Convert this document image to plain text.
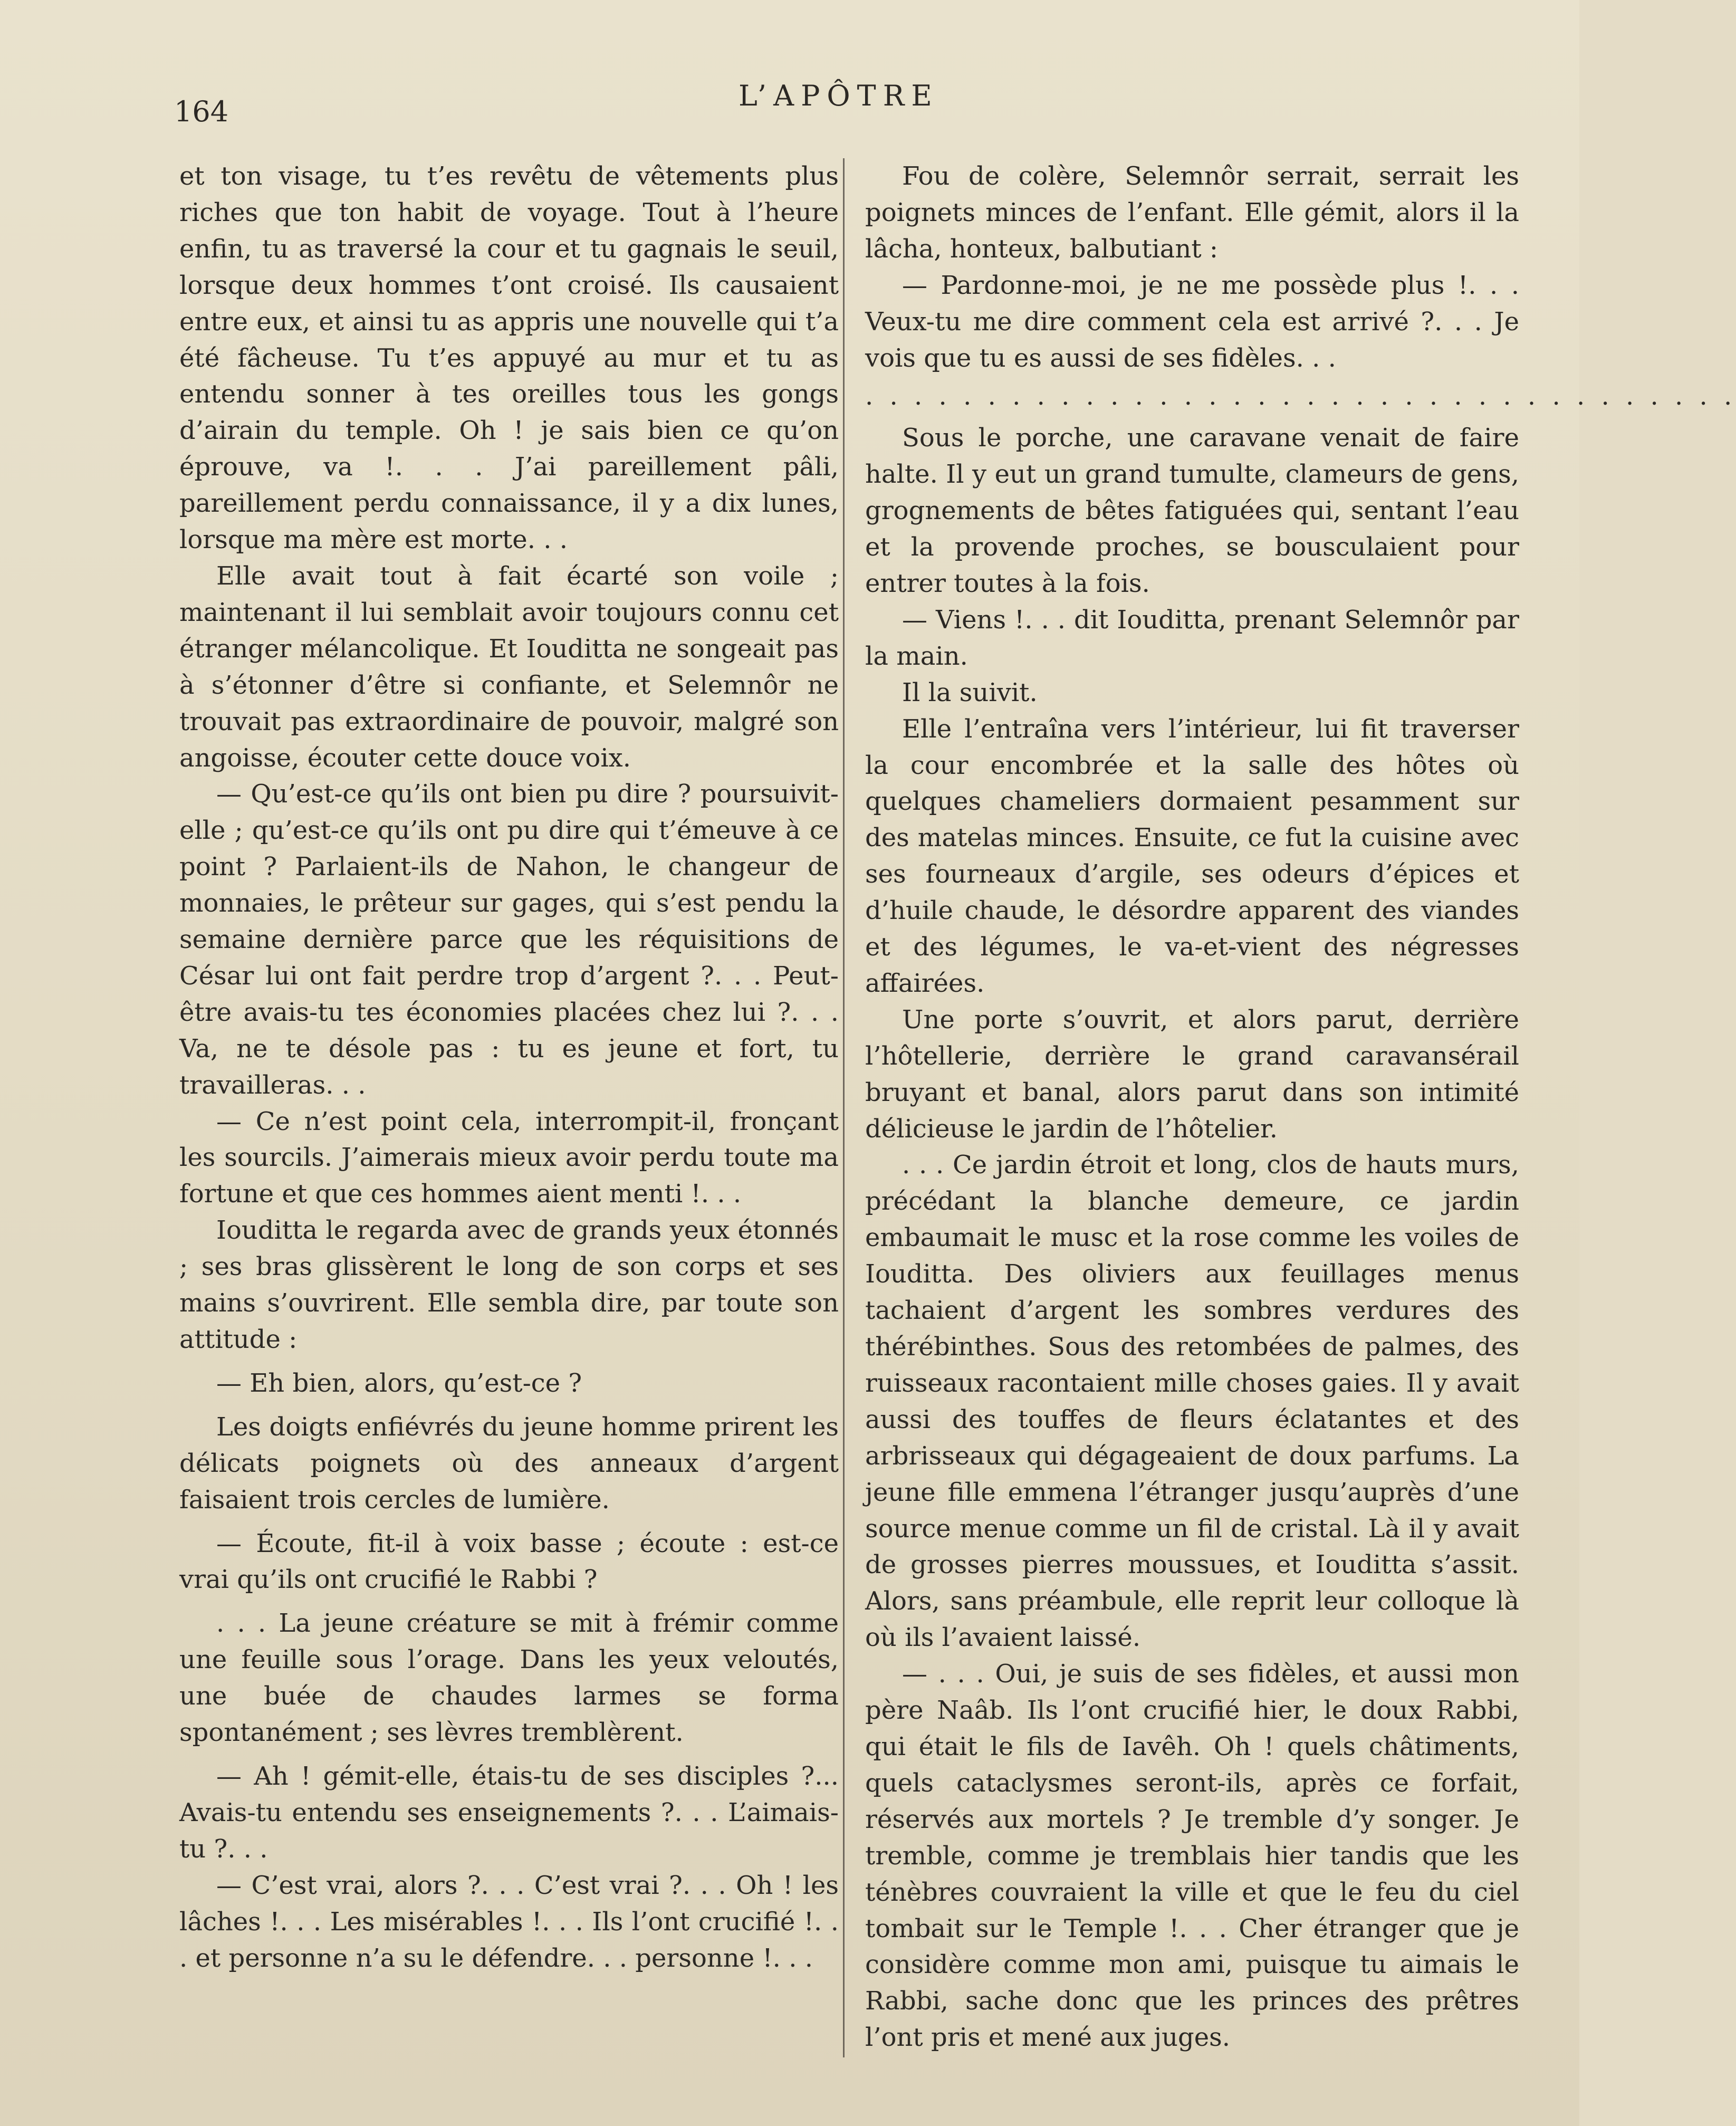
164	L’APÔTRE

et ton visage, tu t’es revêtu de vêtements plus riches que ton habit de voyage. Tout à l’heure enfin, tu as traversé la cour et tu gagnais le seuil, lorsque deux hommes t’ont croisé. Ils causaient entre eux, et ainsi tu as appris une nouvelle qui t’a été fâcheuse. Tu t’es appuyé au mur et tu as entendu sonner à tes oreilles tous les gongs d’airain du temple. Oh ! je sais bien ce qu’on éprouve, va !. . . J’ai pareillement pâli, pareillement perdu connaissance, il y a dix lunes, lorsque ma mère est morte. . .

Elle avait tout à fait écarté son voile ; maintenant il lui semblait avoir toujours connu cet étranger mélancolique. Et Iouditta ne songeait pas à s’étonner d’être si confiante, et Selemnôr ne trouvait pas extraordinaire de pouvoir, malgré son angoisse, écouter cette douce voix.

— Qu’est-ce qu’ils ont bien pu dire ? poursuivit-elle ; qu’est-ce qu’ils ont pu dire qui t’émeuve à ce point ? Parlaient-ils de Nahon, le changeur de monnaies, le prêteur sur gages, qui s’est pendu la semaine dernière parce que les réquisitions de César lui ont fait perdre trop d’argent ?. . . Peut-être avais-tu tes économies placées chez lui ?. . . Va, ne te désole pas : tu es jeune et fort, tu travailleras. . .

— Ce n’est point cela, interrompit-il, fronçant les sourcils. J’aimerais mieux avoir perdu toute ma fortune et que ces hommes aient menti !. . .

Iouditta le regarda avec de grands yeux étonnés ; ses bras glissèrent le long de son corps et ses mains s’ouvrirent. Elle sembla dire, par toute son attitude :

— Eh bien, alors, qu’est-ce ?

Les doigts enfiévrés du jeune homme prirent les délicats poignets où des anneaux d’argent faisaient trois cercles de lumière.

— Écoute, fit-il à voix basse ; écoute : est-ce vrai qu’ils ont crucifié le Rabbi ?

. . . La jeune créature se mit à frémir comme une feuille sous l’orage. Dans les yeux veloutés, une buée de chaudes larmes se forma spontanément ; ses lèvres tremblèrent.

— Ah ! gémit-elle, étais-tu de ses disciples ?... Avais-tu entendu ses enseignements ?. . . L’aimais-tu ?. . .

— C’est vrai, alors ?. . . C’est vrai ?. . . Oh ! les lâches !. . . Les misérables !. . . Ils l’ont crucifié !. . . et personne n’a su le défendre. . . personne !. . .

Fou de colère, Selemnôr serrait, serrait les poignets minces de l’enfant. Elle gémit, alors il la lâcha, honteux, balbutiant :

— Pardonne-moi, je ne me possède plus !. . . Veux-tu me dire comment cela est arrivé ?. . . Je vois que tu es aussi de ses fidèles. . .

. . . . . . . . . . . . . . . . . . . . . . . . . . . . . . . . . . . .

Sous le porche, une caravane venait de faire halte. Il y eut un grand tumulte, clameurs de gens, grognements de bêtes fatiguées qui, sentant l’eau et la provende proches, se bousculaient pour entrer toutes à la fois.

— Viens !. . . dit Iouditta, prenant Selemnôr par la main.

Il la suivit.

Elle l’entraîna vers l’intérieur, lui fit traverser la cour encombrée et la salle des hôtes où quelques chameliers dormaient pesamment sur des matelas minces. Ensuite, ce fut la cuisine avec ses fourneaux d’argile, ses odeurs d’épices et d’huile chaude, le désordre apparent des viandes et des légumes, le va-et-vient des négresses affairées.

Une porte s’ouvrit, et alors parut, derrière l’hôtellerie, derrière le grand caravansérail bruyant et banal, alors parut dans son intimité délicieuse le jardin de l’hôtelier.

. . . Ce jardin étroit et long, clos de hauts murs, précédant la blanche demeure, ce jardin embaumait le musc et la rose comme les voiles de Iouditta. Des oliviers aux feuillages menus tachaient d’argent les sombres verdures des thérébinthes. Sous des retombées de palmes, des ruisseaux racontaient mille choses gaies. Il y avait aussi des touffes de fleurs éclatantes et des arbrisseaux qui dégageaient de doux parfums. La jeune fille emmena l’étranger jusqu’auprès d’une source menue comme un fil de cristal. Là il y avait de grosses pierres moussues, et Iouditta s’assit. Alors, sans préambule, elle reprit leur colloque là où ils l’avaient laissé.

— . . . Oui, je suis de ses fidèles, et aussi mon père Naâb. Ils l’ont crucifié hier, le doux Rabbi, qui était le fils de Iavêh. Oh ! quels châtiments, quels cataclysmes seront-ils, après ce forfait, réservés aux mortels ? Je tremble d’y songer. Je tremble, comme je tremblais hier tandis que les ténèbres couvraient la ville et que le feu du ciel tombait sur le Temple !. . . Cher étranger que je considère comme mon ami, puisque tu aimais le Rabbi, sache donc que les princes des prêtres l’ont pris et mené aux juges.
